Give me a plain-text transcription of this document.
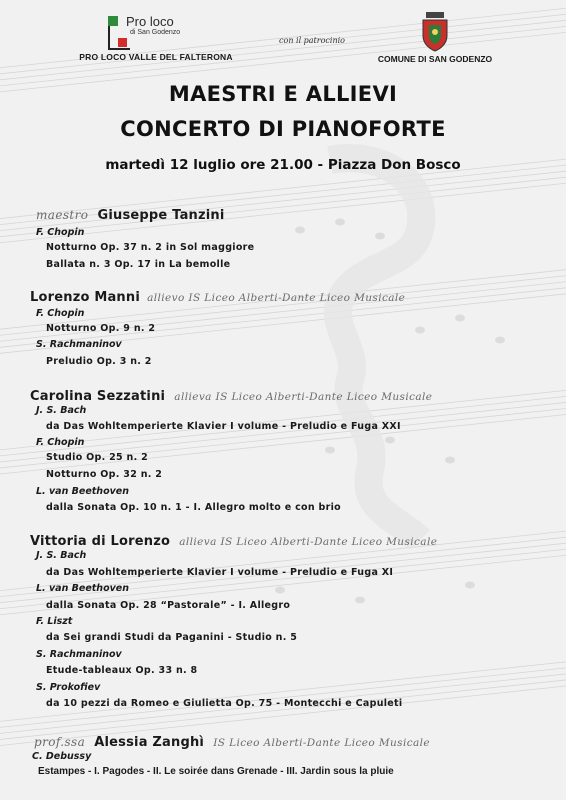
Pro loco
di San Godenzo
PRO LOCO VALLE DEL FALTERONA
con il patrocinio
COMUNE DI SAN GODENZO
MAESTRI E ALLIEVI
CONCERTO DI PIANOFORTE
martedì 12 luglio ore 21.00 - Piazza Don Bosco
maestro Giuseppe Tanzini
F. Chopin
Notturno Op. 37 n. 2 in Sol maggiore
Ballata n. 3 Op. 17 in La bemolle
Lorenzo Manni allievo IS Liceo Alberti-Dante Liceo Musicale
F. Chopin
Notturno Op. 9 n. 2
S. Rachmaninov
Preludio Op. 3 n. 2
Carolina Sezzatini allieva IS Liceo Alberti-Dante Liceo Musicale
J. S. Bach
da Das Wohltemperierte Klavier I volume - Preludio e Fuga XXI
F. Chopin
Studio Op. 25 n. 2
Notturno Op. 32 n. 2
L. van Beethoven
dalla Sonata Op. 10 n. 1 - I. Allegro molto e con brio
Vittoria di Lorenzo allieva IS Liceo Alberti-Dante Liceo Musicale
J. S. Bach
da Das Wohltemperierte Klavier I volume - Preludio e Fuga XI
L. van Beethoven
dalla Sonata Op. 28 “Pastorale” - I. Allegro
F. Liszt
da Sei grandi Studi da Paganini - Studio n. 5
S. Rachmaninov
Etude-tableaux Op. 33 n. 8
S. Prokofiev
da 10 pezzi da Romeo e Giulietta Op. 75 - Montecchi e Capuleti
prof.ssa Alessia Zanghì IS Liceo Alberti-Dante Liceo Musicale
C. Debussy
Estampes - I. Pagodes - II. Le soirée dans Grenade - III. Jardin sous la pluie
